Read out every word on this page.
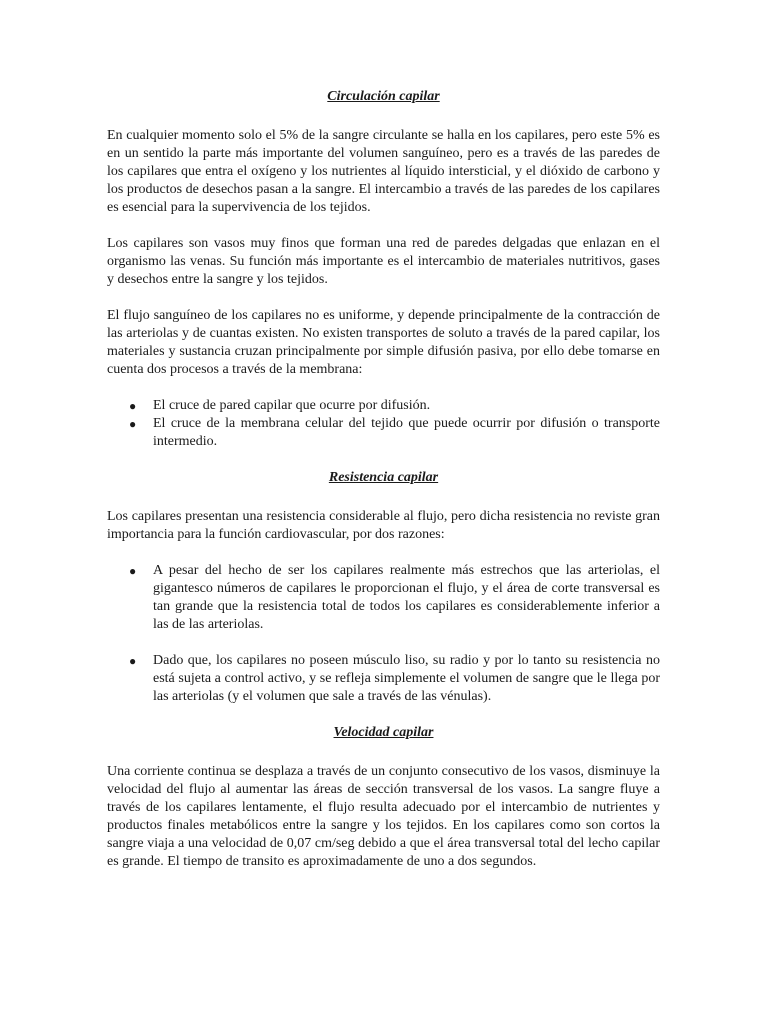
Circulación capilar

En cualquier momento solo el 5% de la sangre circulante se halla en los capilares, pero este 5% es en un sentido la parte más importante del volumen sanguíneo, pero es a través de las paredes de los capilares que entra el oxígeno y los nutrientes al líquido intersticial, y el dióxido de carbono y los productos de desechos pasan a la sangre. El intercambio a través de las paredes de los capilares es esencial para la supervivencia de los tejidos.

Los capilares son vasos muy finos que forman una red de paredes delgadas que enlazan en el organismo las venas. Su función más importante es el intercambio de materiales nutritivos, gases y desechos entre la sangre y los tejidos.

El flujo sanguíneo de los capilares no es uniforme, y depende principalmente de la contracción de las arteriolas y de cuantas existen. No existen transportes de soluto a través de la pared capilar, los materiales y sustancia cruzan principalmente por simple difusión pasiva, por ello debe tomarse en cuenta dos procesos a través de la membrana:

● El cruce de pared capilar que ocurre por difusión.
● El cruce de la membrana celular del tejido que puede ocurrir por difusión o transporte intermedio.
Resistencia capilar

Los capilares presentan una resistencia considerable al flujo, pero dicha resistencia no reviste gran importancia para la función cardiovascular, por dos razones:

● A pesar del hecho de ser los capilares realmente más estrechos que las arteriolas, el gigantesco números de capilares le proporcionan el flujo, y el área de corte transversal es tan grande que la resistencia total de todos los capilares es considerablemente inferior a las de las arteriolas.
● Dado que, los capilares no poseen músculo liso, su radio y por lo tanto su resistencia no está sujeta a control activo, y se refleja simplemente el volumen de sangre que le llega por las arteriolas (y el volumen que sale a través de las vénulas).
Velocidad capilar

Una corriente continua se desplaza a través de un conjunto consecutivo de los vasos, disminuye la velocidad del flujo al aumentar las áreas de sección transversal de los vasos. La sangre fluye a través de los capilares lentamente, el flujo resulta adecuado por el intercambio de nutrientes y productos finales metabólicos entre la sangre y los tejidos. En los capilares como son cortos la sangre viaja a una velocidad de 0,07 cm/seg debido a que el área transversal total del lecho capilar es grande. El tiempo de transito es aproximadamente de uno a dos segundos.
